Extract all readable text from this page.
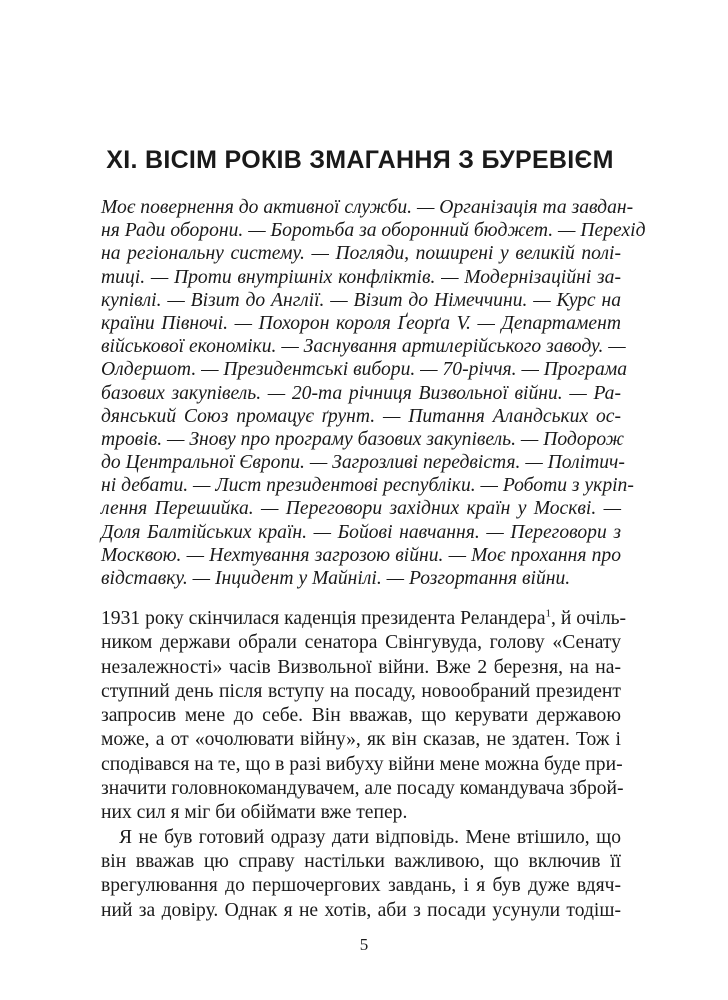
XI. ВІСІМ РОКІВ ЗМАГАННЯ З БУРЕВІЄМ
Моє повернення до активної служби. — Організація та завдан-
ня Ради оборони. — Боротьба за оборонний бюджет. — Перехід
на регіональну систему. — Погляди, поширені у великій полі-
тиці. — Проти внутрішніх конфліктів. — Модернізаційні за-
купівлі. — Візит до Англії. — Візит до Німеччини. — Курс на
країни Півночі. — Похорон короля Ґеорґа V. — Департамент
військової економіки. — Заснування артилерійського заводу. —
Олдершот. — Президентські вибори. — 70-річчя. — Програма
базових закупівель. — 20-та річниця Визвольної війни. — Ра-
дянський Союз промацує ґрунт. — Питання Аландських ос-
тровів. — Знову про програму базових закупівель. — Подорож
до Центральної Європи. — Загрозливі передвістя. — Політич-
ні дебати. — Лист президентові республіки. — Роботи з укріп-
лення Перешийка. — Переговори західних країн у Москві. —
Доля Балтійських країн. — Бойові навчання. — Переговори з
Москвою. — Нехтування загрозою війни. — Моє прохання про
відставку. — Інцидент у Майнілі. — Розгортання війни.
1931 року скінчилася каденція президента Реландера$^1$, й очіль-
ником держави обрали сенатора Свінгувуда, голову «Сенату
незалежності» часів Визвольної війни. Вже 2 березня, на на-
ступний день після вступу на посаду, новообраний президент
запросив мене до себе. Він вважав, що керувати державою
може, а от «очолювати війну», як він сказав, не здатен. Тож і
сподівався на те, що в разі вибуху війни мене можна буде при-
значити головнокомандувачем, але посаду командувача збрoй-
них сил я міг би обіймати вже тепер.
Я не був готовий одразу дати відповідь. Мене втішило, що
він вважав цю справу настільки важливою, що включив її
врегулювання до першочергових завдань, і я був дуже вдяч-
ний за довіру. Однак я не хотів, аби з посади усунули тодіш-

5
